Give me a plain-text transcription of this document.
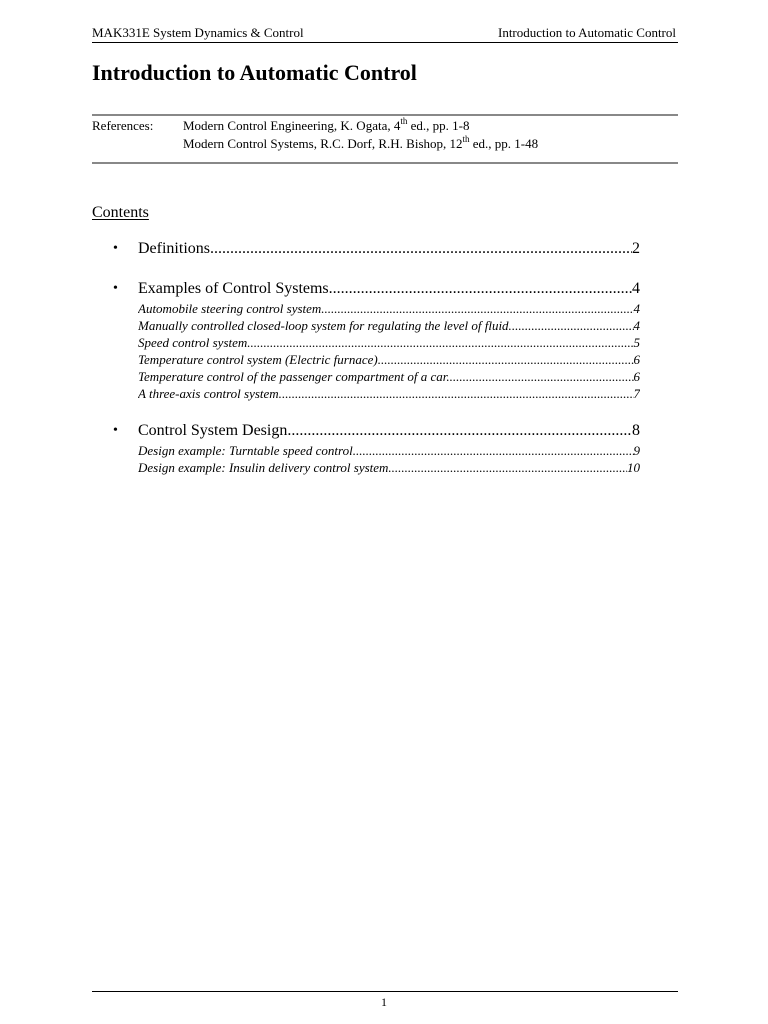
MAK331E System Dynamics & Control	Introduction to Automatic Control
Introduction to Automatic Control
References: Modern Control Engineering, K. Ogata, 4th ed., pp. 1-8
Modern Control Systems, R.C. Dorf, R.H. Bishop, 12th ed., pp. 1-48
Contents
• Definitions .....	2
• Examples of Control Systems .....	4
Automobile steering control system. .....	4
Manually controlled closed-loop system for regulating the level of fluid. .....	4
Speed control system. .....	5
Temperature control system (Electric furnace). .....	6
Temperature control of the passenger compartment of a car. .....	6
A three-axis control system. .....	7
• Control System Design .....	8
Design example: Turntable speed control .....	9
Design example: Insulin delivery control system. .....	10
1
